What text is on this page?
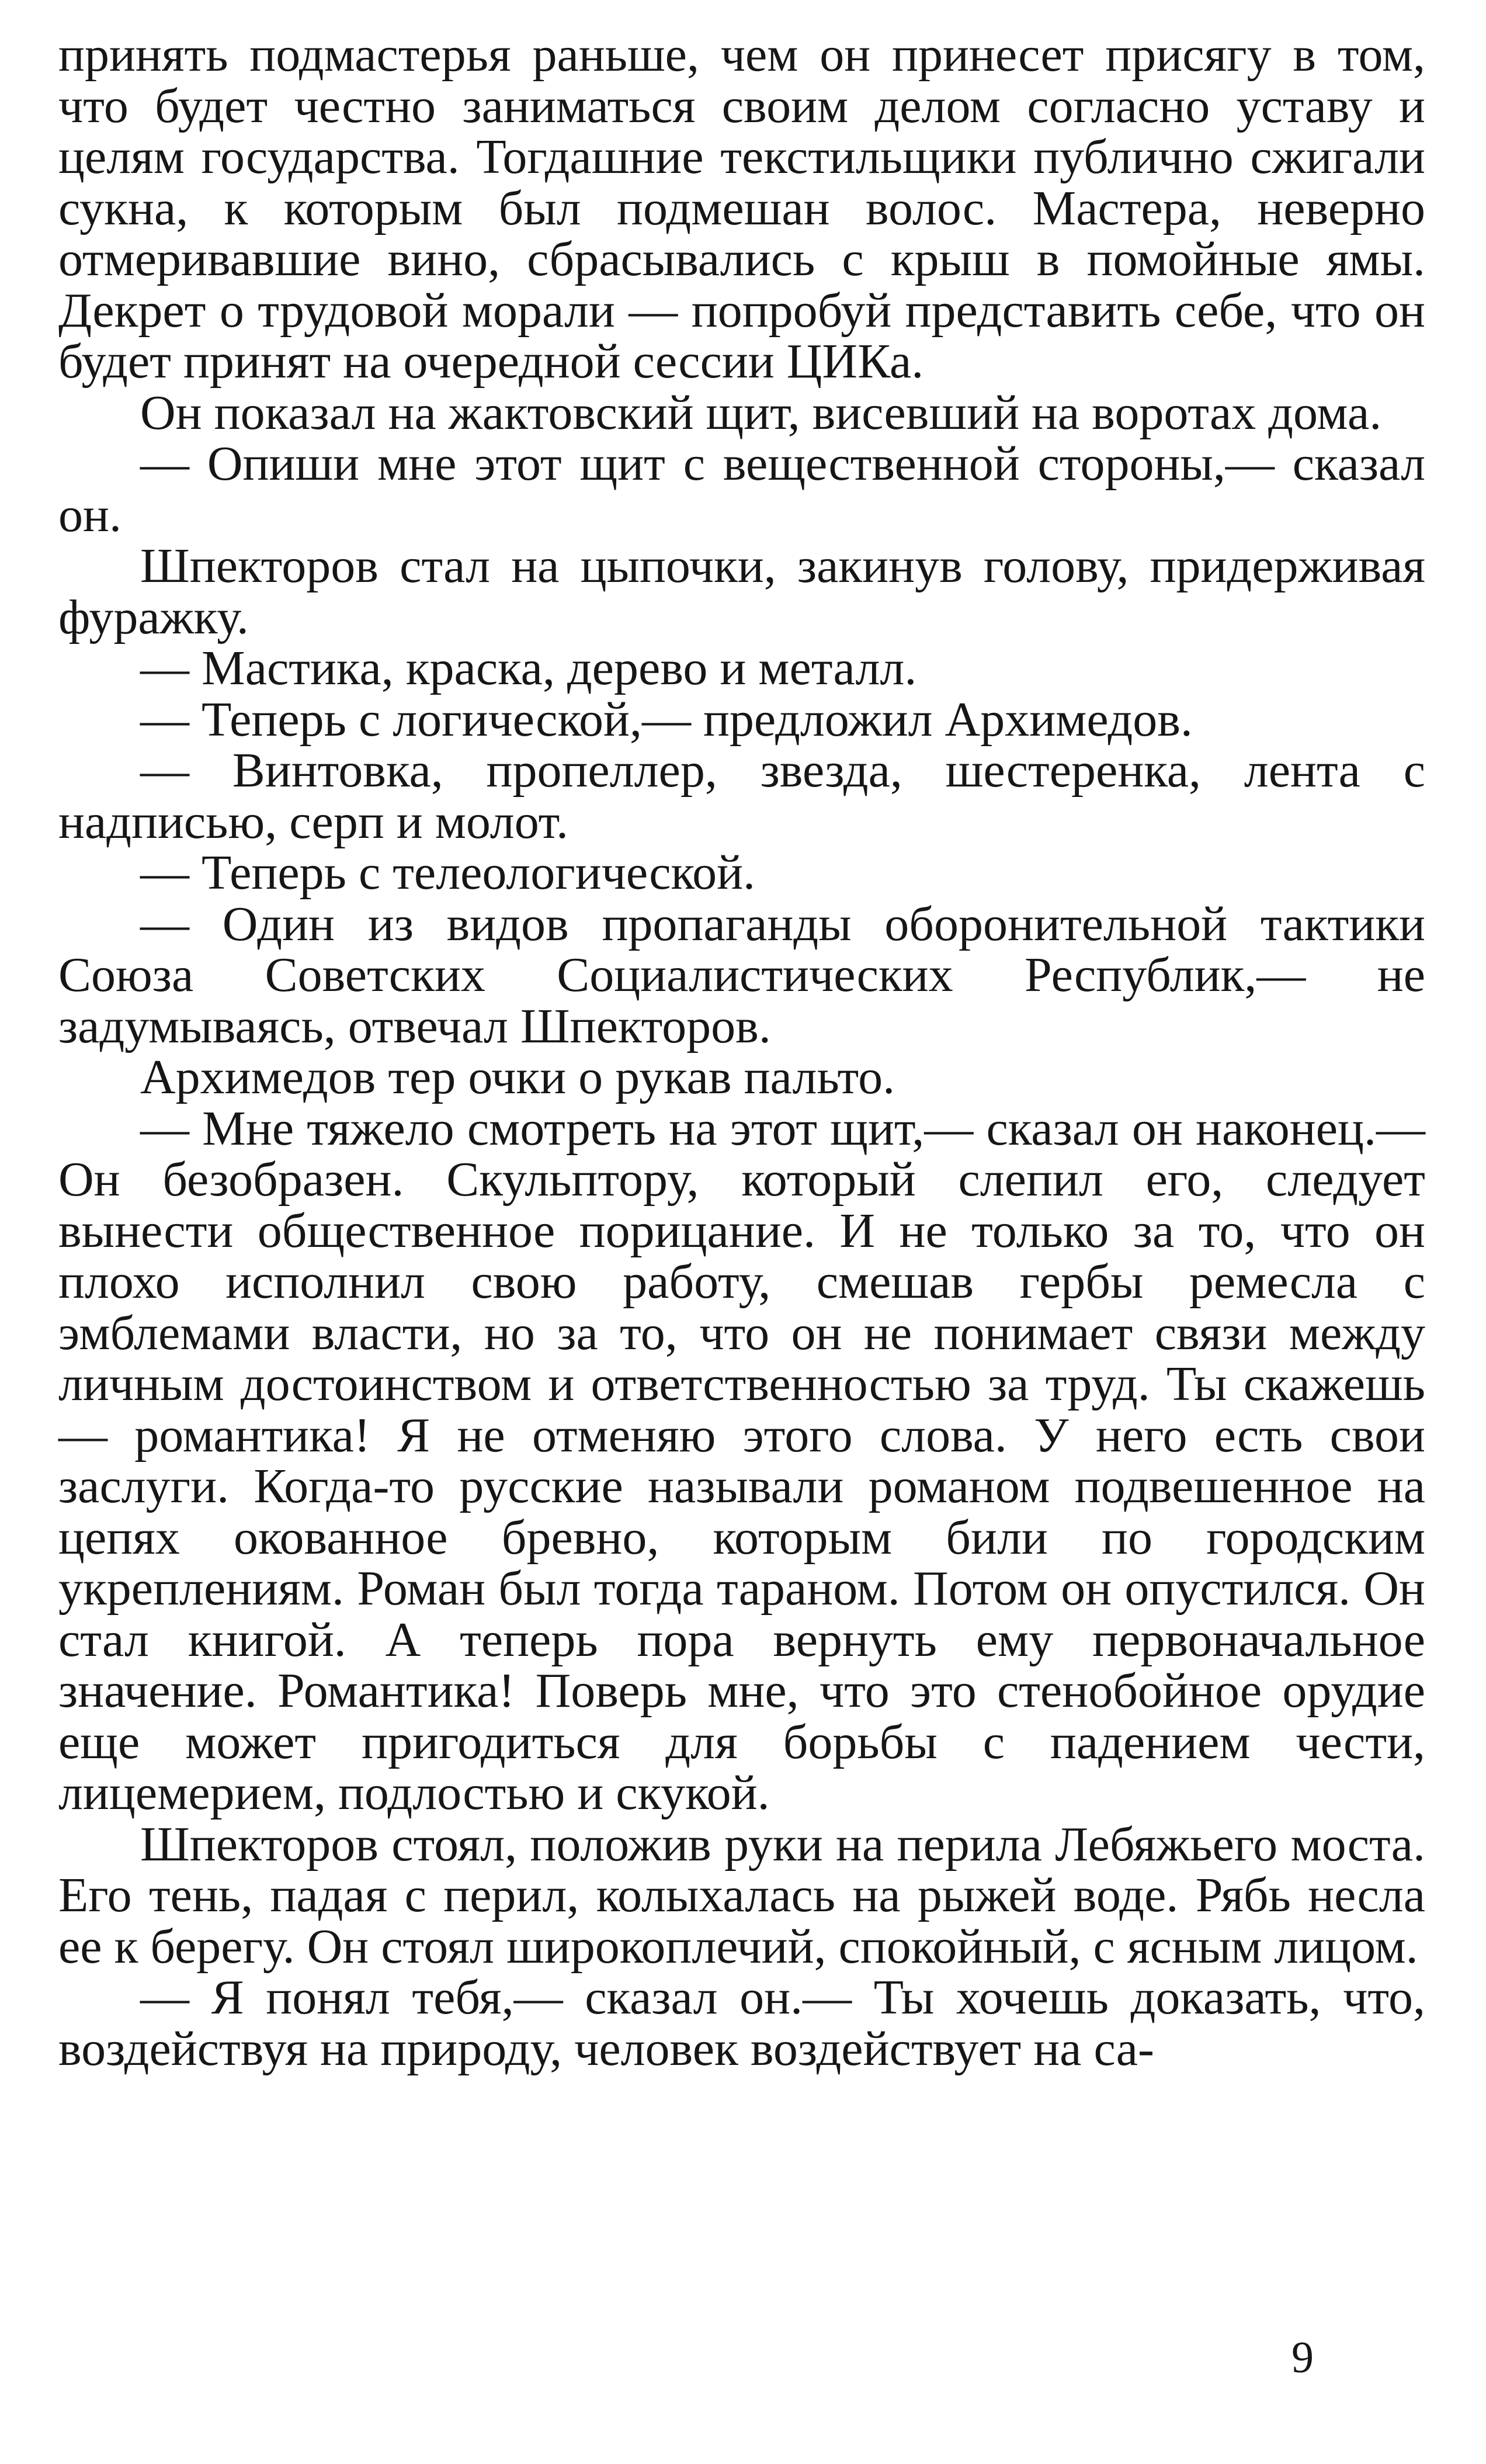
принять подмастерья раньше, чем он принесет присягу в том, что будет честно заниматься своим делом согласно уставу и целям государства. Тогдашние текстильщики публично сжигали сукна, к которым был подмешан волос. Мастера, неверно отмеривавшие вино, сбрасывались с крыш в помойные ямы. Декрет о трудовой морали — попробуй представить себе, что он будет принят на очередной сессии ЦИКа.

Он показал на жактовский щит, висевший на воротах дома.

— Опиши мне этот щит с вещественной стороны,— сказал он.

Шпекторов стал на цыпочки, закинув голову, придерживая фуражку.

— Мастика, краска, дерево и металл.

— Теперь с логической,— предложил Архимедов.

— Винтовка, пропеллер, звезда, шестеренка, лента с надписью, серп и молот.

— Теперь с телеологической.

— Один из видов пропаганды оборонительной тактики Союза Советских Социалистических Республик,— не задумываясь, отвечал Шпекторов.

Архимедов тер очки о рукав пальто.

— Мне тяжело смотреть на этот щит,— сказал он наконец.— Он безобразен. Скульптору, который слепил его, следует вынести общественное порицание. И не только за то, что он плохо исполнил свою работу, смешав гербы ремесла с эмблемами власти, но за то, что он не понимает связи между личным достоинством и ответственностью за труд. Ты скажешь — романтика! Я не отменяю этого слова. У него есть свои заслуги. Когда-то русские называли романом подвешенное на цепях окованное бревно, которым били по городским укреплениям. Роман был тогда тараном. Потом он опустился. Он стал книгой. А теперь пора вернуть ему первоначальное значение. Романтика! Поверь мне, что это стенобойное орудие еще может пригодиться для борьбы с падением чести, лицемерием, подлостью и скукой.

Шпекторов стоял, положив руки на перила Лебяжьего моста. Его тень, падая с перил, колыхалась на рыжей воде. Рябь несла ее к берегу. Он стоял широкоплечий, спокойный, с ясным лицом.

— Я понял тебя,— сказал он.— Ты хочешь доказать, что, воздействуя на природу, человек воздействует на са-

9
